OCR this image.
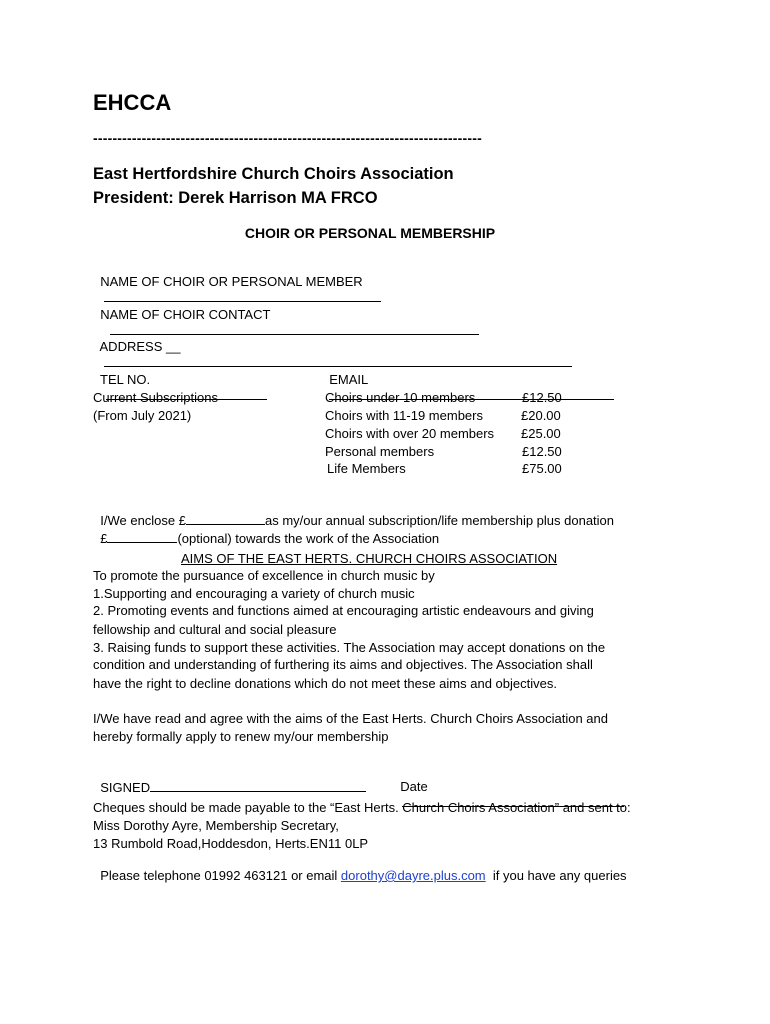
EHCCA
--------------------------------------------------------------------------------
East Hertfordshire Church Choirs Association
President: Derek Harrison MA FRCO
CHOIR OR PERSONAL MEMBERSHIP

NAME OF CHOIR OR PERSONAL MEMBER

NAME OF CHOIR CONTACT

ADDRESS __

TEL NO.
	EMAIL

Current Subscriptions
(From July 2021)
Choirs under 10 members	£12.50
Choirs with 11-19 members	£20.00
Choirs with over 20 members £25.00
Personal members	£12.50
Life Members	£75.00

I/We enclose £	as my/our annual subscription/life membership plus donation

£	(optional) towards the work of the Association

AIMS OF THE EAST HERTS. CHURCH CHOIRS ASSOCIATION
To promote the pursuance of excellence in church music by
1.Supporting and encouraging a variety of church music
2. Promoting events and functions aimed at encouraging artistic endeavours and giving
fellowship and cultural and social pleasure
3. Raising funds to support these activities. The Association may accept donations on the
condition and understanding of furthering its aims and objectives. The Association shall
have the right to decline donations which do not meet these aims and objectives.
I/We have read and agree with the aims of the East Herts. Church Choirs Association and
hereby formally apply to renew my/our membership

SIGNED	Date

Cheques should be made payable to the “East Herts. Church Choirs Association” and sent to:
Miss Dorothy Ayre, Membership Secretary,
13 Rumbold Road,Hoddesdon, Herts.EN11 0LP

Please telephone 01992 463121 or email dorothy@dayre.plus.com  if you have any queries
